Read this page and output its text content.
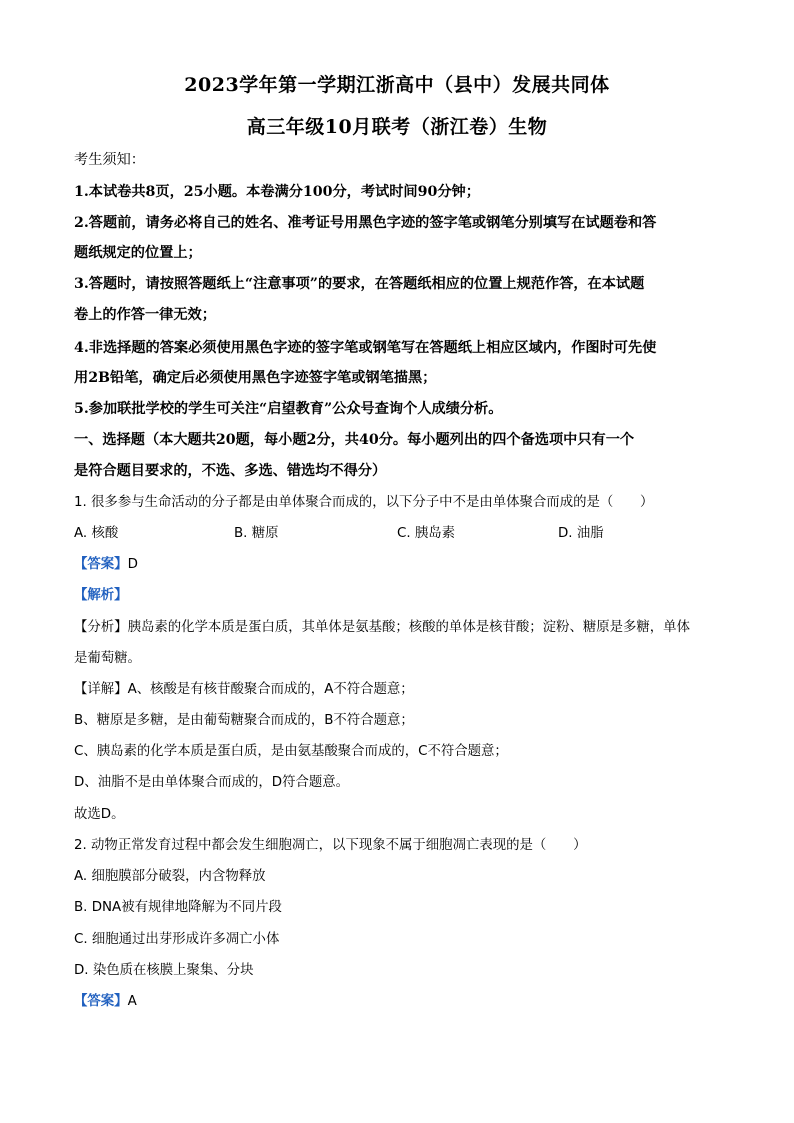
2023学年第一学期江浙高中（县中）发展共同体
高三年级10月联考（浙江卷）生物
考生须知：
1.本试卷共8页，25小题。本卷满分100分，考试时间90分钟；
2.答题前，请务必将自己的姓名、准考证号用黑色字迹的签字笔或钢笔分别填写在试题卷和答
题纸规定的位置上；
3.答题时，请按照答题纸上“注意事项”的要求，在答题纸相应的位置上规范作答，在本试题
卷上的作答一律无效；
4.非选择题的答案必须使用黑色字迹的签字笔或钢笔写在答题纸上相应区域内，作图时可先使
用2B铅笔，确定后必须使用黑色字迹签字笔或钢笔描黑；
5.参加联批学校的学生可关注“启望教育”公众号查询个人成绩分析。
一、选择题（本大题共20题，每小题2分，共40分。每小题列出的四个备选项中只有一个
是符合题目要求的，不选、多选、错选均不得分）
1. 很多参与生命活动的分子都是由单体聚合而成的，以下分子中不是由单体聚合而成的是（　　）
A. 核酸	B. 糖原	C. 胰岛素	D. 油脂
【答案】D
【解析】
【分析】胰岛素的化学本质是蛋白质，其单体是氨基酸；核酸的单体是核苷酸；淀粉、糖原是多糖，单体
是葡萄糖。
【详解】A、核酸是有核苷酸聚合而成的，A不符合题意；
B、糖原是多糖，是由葡萄糖聚合而成的，B不符合题意；
C、胰岛素的化学本质是蛋白质，是由氨基酸聚合而成的，C不符合题意；
D、油脂不是由单体聚合而成的，D符合题意。
故选D。
2. 动物正常发育过程中都会发生细胞凋亡，以下现象不属于细胞凋亡表现的是（　　）
A. 细胞膜部分破裂，内含物释放
B. DNA被有规律地降解为不同片段
C. 细胞通过出芽形成许多凋亡小体
D. 染色质在核膜上聚集、分块
【答案】A
